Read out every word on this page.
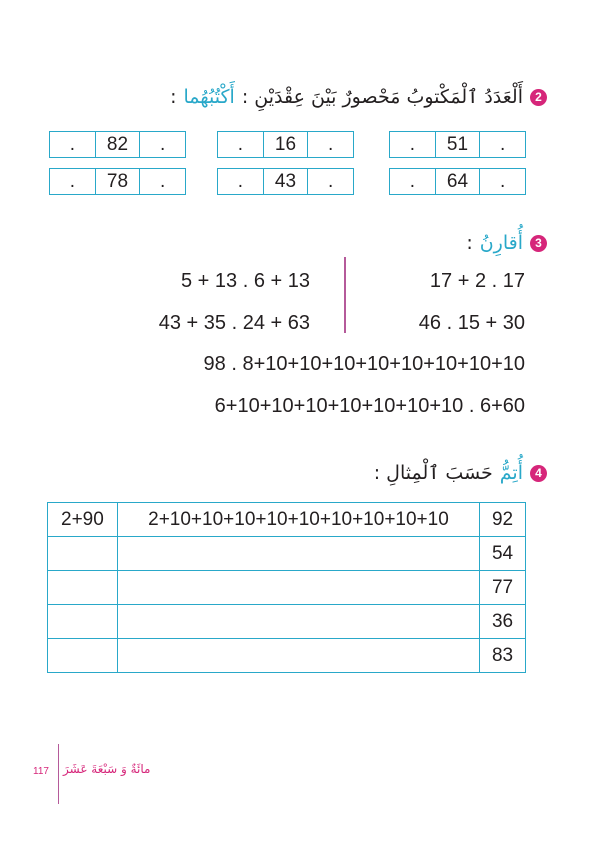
2
أَلْعَدَدُ ٱلْمَكْتوبُ مَحْصورٌ بَيْنَ عِقْدَيْنِ :
أَكْتُبُهُما
:
.	82	.	.	16	.	.	51	.
.	78	.	.	43	.	.	64	.
3
أُقارِنُ
:
5 + 13 . 6 + 13	17 + 2 . 17
43 + 35 . 24 + 63	46 . 15 + 30
98 . 8+10+10+10+10+10+10+10+10
6+10+10+10+10+10+10+10 . 6+60
4
أُتِمُّ
حَسَبَ ٱلْمِثالِ :
2+90	2+10+10+10+10+10+10+10+10+10	92
		54
		77
		36
		83
117 مائَةٌ وَ سَبْعَةَ عَشَرَ
